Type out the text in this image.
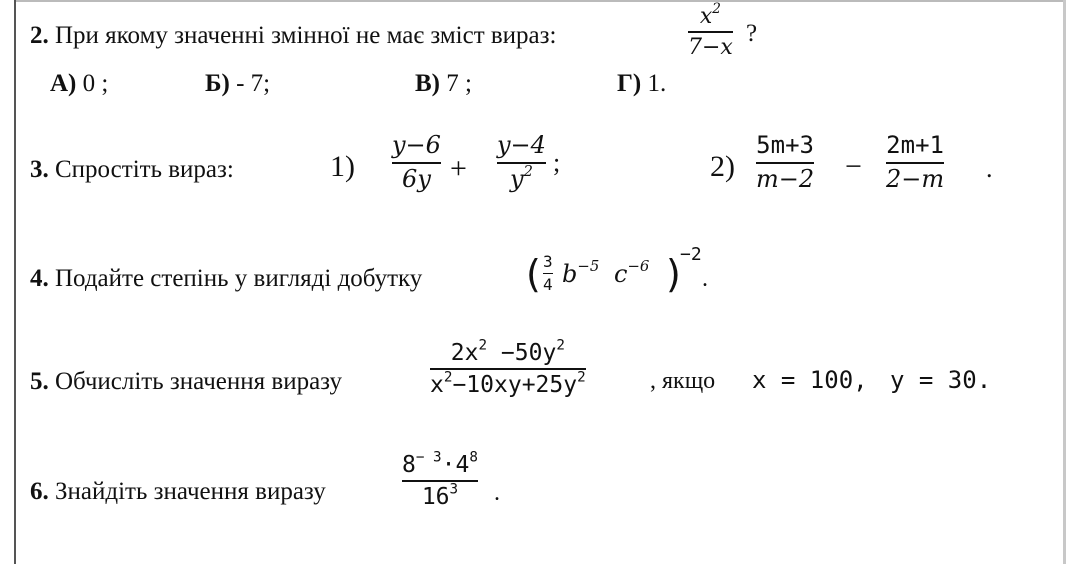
2. При якому значенні змінної не має зміст вираз:
$x^2$
7−x
?
А) 0 ;	Б) - 7;	В) 7 ;	Г) 1.
3. Спростіть вираз:	1)
y−6
6y +
y−4
$y^2$ ;	2)
5m+3
m−2 −
2m+1
2−m .
4. Подайте степінь у вигляді добутку	( 3
4 $b^{-5}$ $c^{-6}$ ) −2
.
5. Обчисліть значення виразу
$2x^2 -50y^2$
$x^2-10xy+25y^2$	, якщо x = 100, y = 30.
6. Знайдіть значення виразу
$8^{- 3}\cdot 4^8$
$16^3$ .
